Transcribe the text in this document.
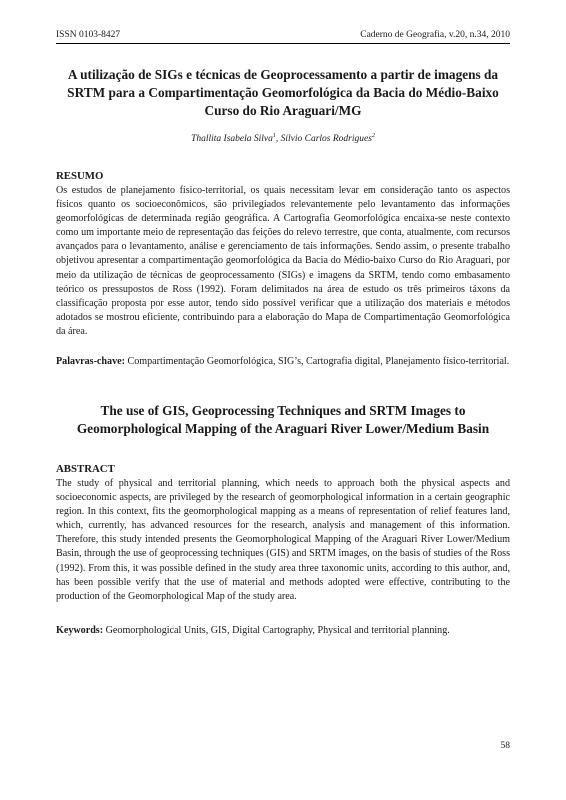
ISSN 0103-8427	Caderno de Geografia, v.20, n.34, 2010
A utilização de SIGs e técnicas de Geoprocessamento a partir de imagens da SRTM para a Compartimentação Geomorfológica da Bacia do Médio-Baixo Curso do Rio Araguari/MG
Thallita Isabela Silva$^1$, Sílvio Carlos Rodrigues$^2$
RESUMO

Os estudos de planejamento físico-territorial, os quais necessitam levar em consideração tanto os aspectos físicos quanto os socioeconômicos, são privilegiados relevantemente pelo levantamento das informações geomorfológicas de determinada região geográfica. A Cartografia Geomorfológica encaixa-se neste contexto como um importante meio de representação das feições do relevo terrestre, que conta, atualmente, com recursos avançados para o levantamento, análise e gerenciamento de tais informações. Sendo assim, o presente trabalho objetivou apresentar a compartimentação geomorfológica da Bacia do Médio-baixo Curso do Rio Araguari, por meio da utilização de técnicas de geoprocessamento (SIGs) e imagens da SRTM, tendo como embasamento teórico os pressupostos de Ross (1992). Foram delimitados na área de estudo os três primeiros táxons da classificação proposta por esse autor, tendo sido possível verificar que a utilização dos materiais e métodos adotados se mostrou eficiente, contribuindo para a elaboração do Mapa de Compartimentação Geomorfológica da área.

Palavras-chave: Compartimentação Geomorfológica, SIG’s, Cartografia digital, Planejamento físico-territorial.

The use of GIS, Geoprocessing Techniques and SRTM Images to Geomorphological Mapping of the Araguari River Lower/Medium Basin
ABSTRACT

The study of physical and territorial planning, which needs to approach both the physical aspects and socioeconomic aspects, are privileged by the research of geomorphological information in a certain geographic region. In this context, fits the geomorphological mapping as a means of representation of relief features land, which, currently, has advanced resources for the research, analysis and management of this information. Therefore, this study intended presents the Geomorphological Mapping of the Araguari River Lower/Medium Basin, through the use of geoprocessing techniques (GIS) and SRTM images, on the basis of studies of the Ross (1992). From this, it was possible defined in the study area three taxonomic units, according to this author, and, has been possible verify that the use of material and methods adopted were effective, contributing to the production of the Geomorphological Map of the study area.

Keywords: Geomorphological Units, GIS, Digital Cartography, Physical and territorial planning.

58
